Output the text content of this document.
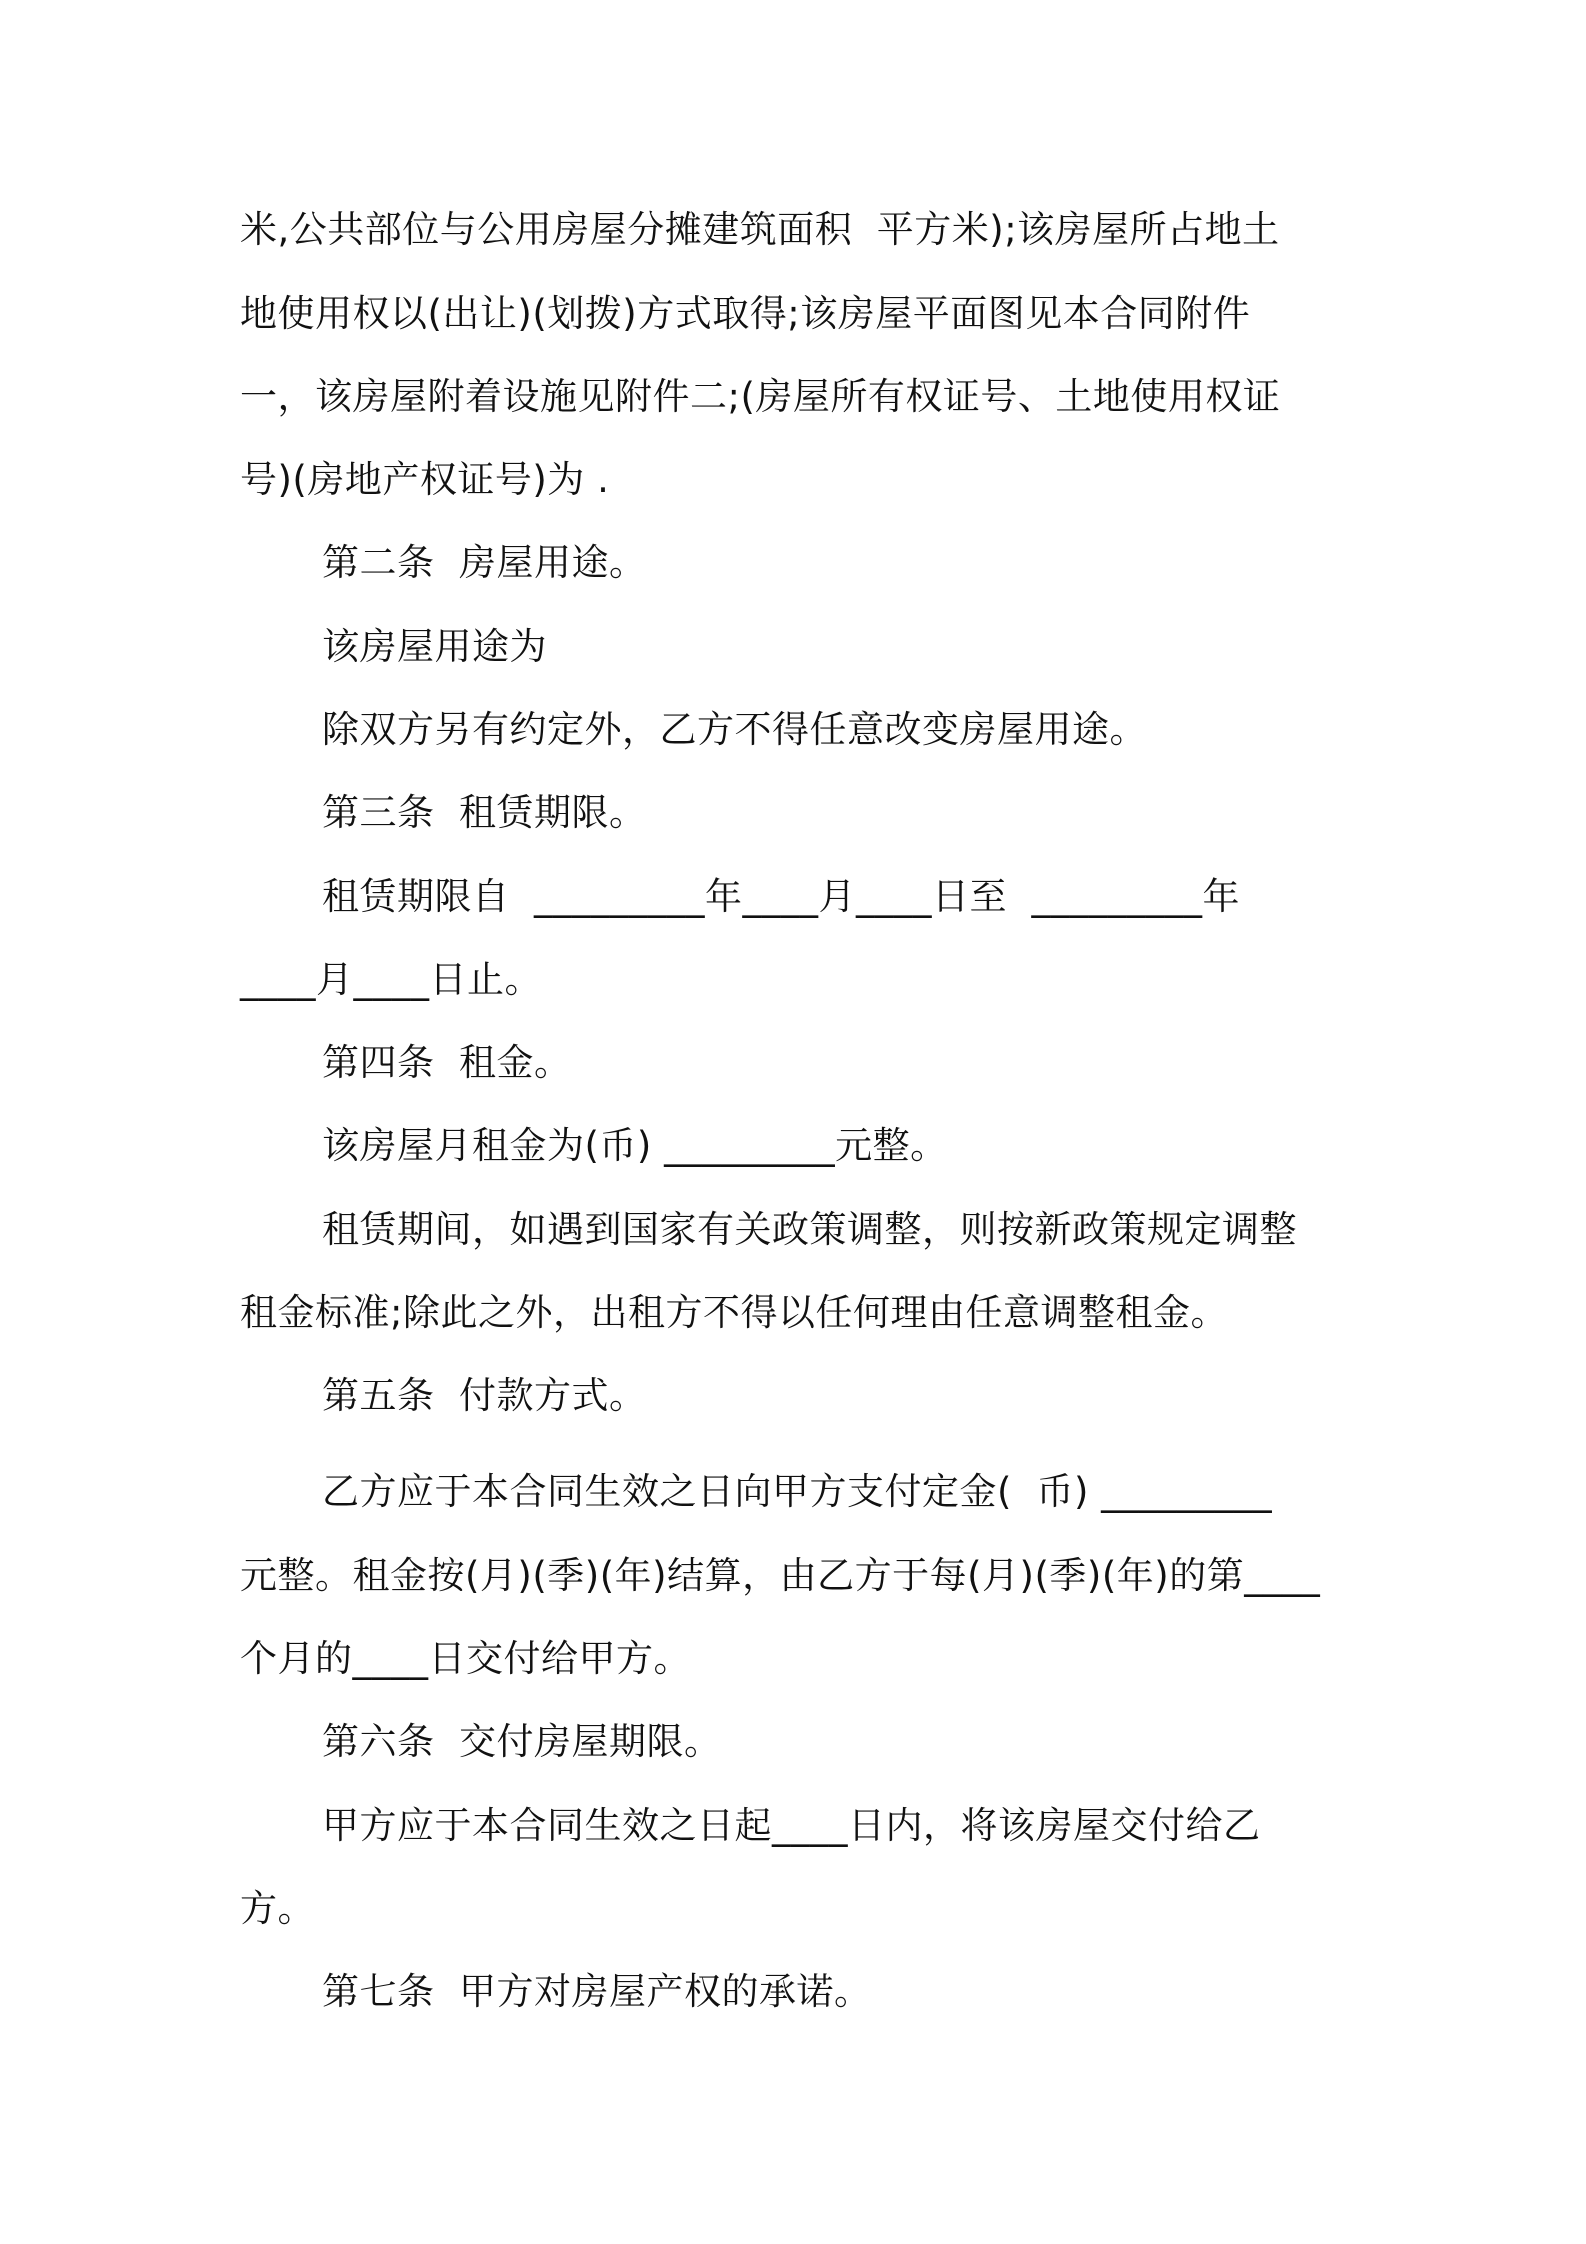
米,公共部位与公用房屋分摊建筑面积  平方米);该房屋所占地土

地使用权以(出让)(划拨)方式取得;该房屋平面图见本合同附件

一，该房屋附着设施见附件二;(房屋所有权证号、土地使用权证

号)(房地产权证号)为 .

第二条  房屋用途。

该房屋用途为

除双方另有约定外，乙方不得任意改变房屋用途。

第三条  租赁期限。

租赁期限自  _________年____月____日至  _________年

____月____日止。

第四条  租金。

该房屋月租金为(币) _________元整。

租赁期间，如遇到国家有关政策调整，则按新政策规定调整

租金标准;除此之外，出租方不得以任何理由任意调整租金。

第五条  付款方式。

乙方应于本合同生效之日向甲方支付定金(  币) _________

元整。租金按(月)(季)(年)结算，由乙方于每(月)(季)(年)的第____

个月的____日交付给甲方。

第六条  交付房屋期限。

甲方应于本合同生效之日起____日内，将该房屋交付给乙

方。

第七条  甲方对房屋产权的承诺。
